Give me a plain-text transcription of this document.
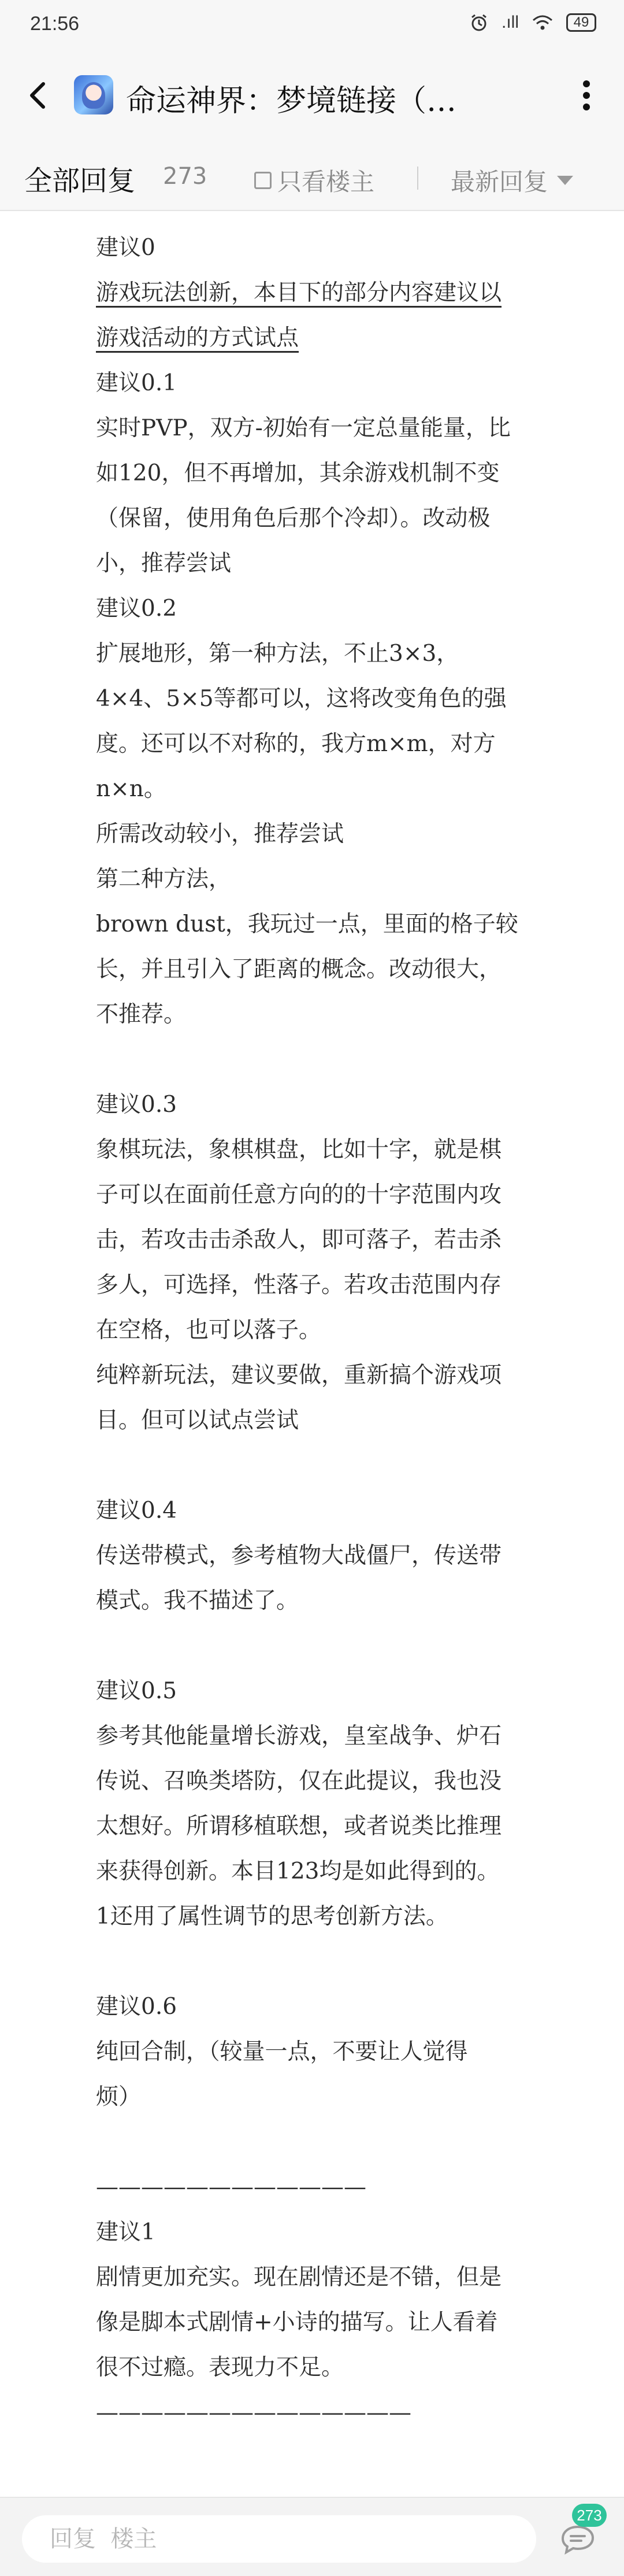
21:56	.ıll	49
命运神界：梦境链接（…
全部回复 273	只看楼主	最新回复
建议0
游戏玩法创新，本目下的部分内容建议以
游戏活动的方式试点
建议0.1
实时PVP，双方-初始有一定总量能量，比
如120，但不再增加，其余游戏机制不变
（保留，使用角色后那个冷却）。改动极
小，推荐尝试
建议0.2
扩展地形，第一种方法，不止3×3，
4×4、5×5等都可以，这将改变角色的强
度。还可以不对称的，我方m×m，对方
n×n。
所需改动较小，推荐尝试
第二种方法，
brown dust，我玩过一点，里面的格子较
长，并且引入了距离的概念。改动很大，
不推荐。
建议0.3
象棋玩法，象棋棋盘，比如十字，就是棋
子可以在面前任意方向的的十字范围内攻
击，若攻击击杀敌人，即可落子，若击杀
多人，可选择，性落子。若攻击范围内存
在空格，也可以落子。
纯粹新玩法，建议要做，重新搞个游戏项
目。但可以试点尝试
建议0.4
传送带模式，参考植物大战僵尸，传送带
模式。我不描述了。
建议0.5
参考其他能量增长游戏，皇室战争、炉石
传说、召唤类塔防，仅在此提议，我也没
太想好。所谓移植联想，或者说类比推理
来获得创新。本目123均是如此得到的。
1还用了属性调节的思考创新方法。
建议0.6
纯回合制，（较量一点，不要让人觉得
烦）
————————————
建议1
剧情更加充实。现在剧情还是不错，但是
像是脚本式剧情+小诗的描写。让人看着
很不过瘾。表现力不足。
——————————————
回复 楼主
273
